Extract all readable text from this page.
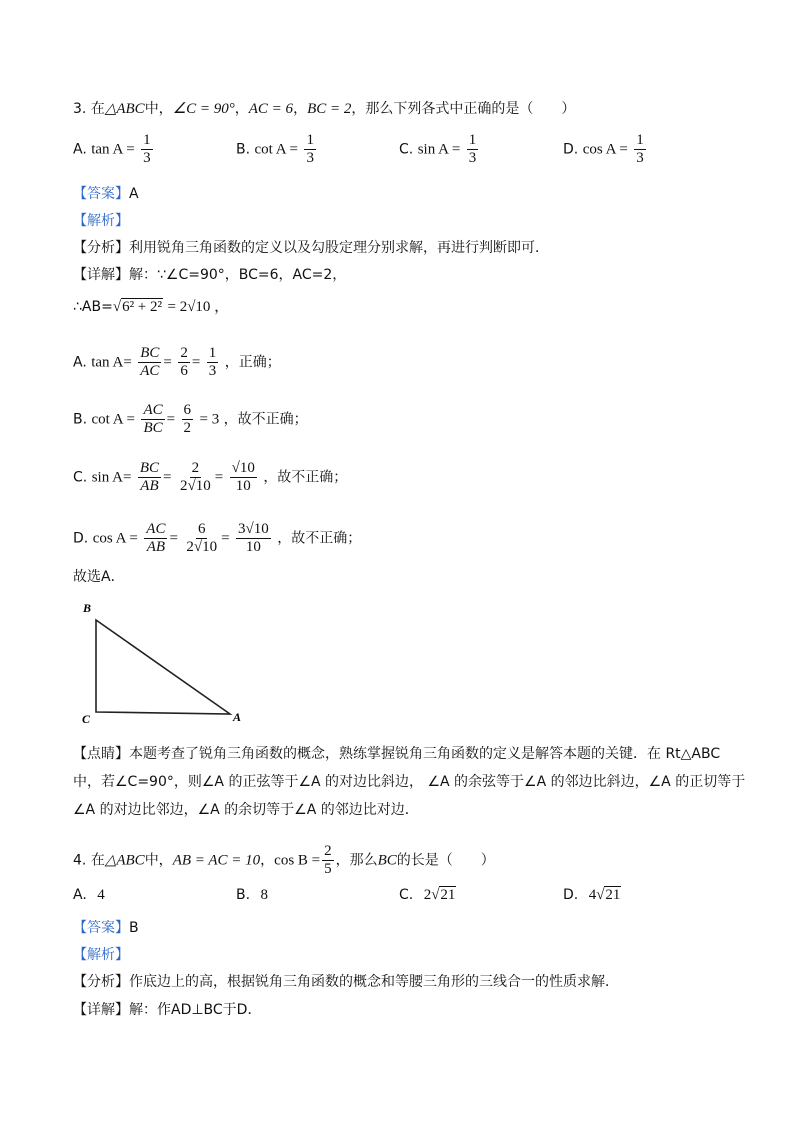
3. 在△ABC中，∠C = 90°，AC = 6，BC = 2，那么下列各式中正确的是（　　）
A. $\tan A = \frac{1}{3}$	B. $\cot A = \frac{1}{3}$	C. $\sin A = \frac{1}{3}$	D. $\cos A = \frac{1}{3}$
【答案】A
【解析】
【分析】利用锐角三角函数的定义以及勾股定理分别求解，再进行判断即可．
【详解】解：∵∠C=90°，BC=6，AC=2，
∴AB=√6² + 2² = 2√10 ，
A. $\tan A= \frac{BC}{AC} = \frac{2}{6} = \frac{1}{3}$ ，正确；
B. $\cot A = \frac{AC}{BC} = \frac{6}{2} = 3$ ，故不正确；
C. $\sin A= \frac{BC}{AB} = \frac{2}{2√10} = \frac{√10}{10}$ ，故不正确；
D. $\cos A = \frac{AC}{AB} = \frac{6}{2√10} = \frac{3√10}{10}$ ，故不正确；
故选A．
B
C	A
【点睛】本题考查了锐角三角函数的概念，熟练掌握锐角三角函数的定义是解答本题的关键．在 Rt△ABC
中，若∠C=90°，则∠A 的正弦等于∠A 的对边比斜边， ∠A 的余弦等于∠A 的邻边比斜边，∠A 的正切等于
∠A 的对边比邻边，∠A 的余切等于∠A 的邻边比对边．
4. 在△ABC中，AB = AC = 10，$\cos B = \frac{2}{5}$ ，那么BC的长是（　　）
A. 4	B. 8	C. 2√21	D. 4√21
【答案】B
【解析】
【分析】作底边上的高，根据锐角三角函数的概念和等腰三角形的三线合一的性质求解．
【详解】解：作AD⊥BC于D．
